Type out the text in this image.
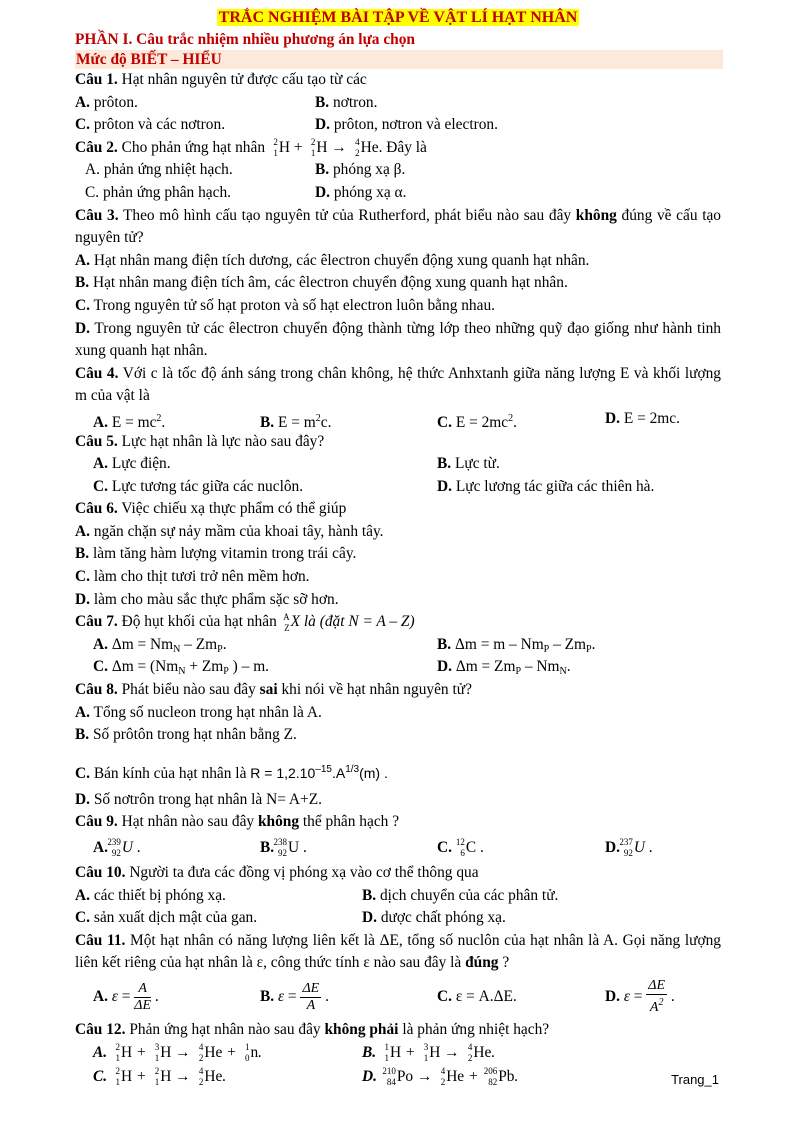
TRẮC NGHIỆM BÀI TẬP VỀ VẬT LÍ HẠT NHÂN
PHẦN I. Câu trắc nhiệm nhiều phương án lựa chọn
Mức độ BIẾT – HIỂU
Câu 1. Hạt nhân nguyên tử được cấu tạo từ các
A. prôton.	B. nơtron.
C. prôton và các nơtron.	D. prôton, nơtron và electron.
Câu 2. Cho phản ứng hạt nhân 2
1 H + 2
1 H → 4
2 He. Đây là
A. phản ứng nhiệt hạch.	B. phóng xạ β.
C. phản ứng phân hạch.	D. phóng xạ α.
Câu 3. Theo mô hình cấu tạo nguyên tử của Rutherford, phát biểu nào sau đây không đúng về cấu tạo nguyên tử?
A. Hạt nhân mang điện tích dương, các êlectron chuyển động xung quanh hạt nhân.
B. Hạt nhân mang điện tích âm, các êlectron chuyển động xung quanh hạt nhân.
C. Trong nguyên tử số hạt proton và số hạt electron luôn bằng nhau.
D. Trong nguyên tử các êlectron chuyển động thành từng lớp theo những quỹ đạo giống như hành tinh xung quanh hạt nhân.
Câu 4. Với c là tốc độ ánh sáng trong chân không, hệ thức Anhxtanh giữa năng lượng E và khối lượng m của vật là
A. $E = mc^2$.	B. $E = m^2c$.	C. $E = 2mc^2$.	D. E = 2mc.
Câu 5. Lực hạt nhân là lực nào sau đây?
A. Lực điện.	B. Lực từ.
C. Lực tương tác giữa các nuclôn.	D. Lực lương tác giữa các thiên hà.
Câu 6. Việc chiếu xạ thực phẩm có thể giúp
A. ngăn chặn sự nảy mầm của khoai tây, hành tây.
B. làm tăng hàm lượng vitamin trong trái cây.
C. làm cho thịt tươi trở nên mềm hơn.
D. làm cho màu sắc thực phẩm sặc sỡ hơn.
Câu 7. Độ hụt khối của hạt nhân A
Z X là (đặt N = A – Z)
A. $\Delta m = Nm_N - Zm_P$.	B. $\Delta m = m - Nm_P - Zm_P$.
C. $\Delta m = (Nm_N + Zm_P$ ) – m.	D. $\Delta m = Zm_P - Nm_N$.
Câu 8. Phát biểu nào sau đây sai khi nói về hạt nhân nguyên tử?
A. Tổng số nucleon trong hạt nhân là A.
B. Số prôtôn trong hạt nhân bằng Z.
C. Bán kính của hạt nhân là $R = 1,2.10^{-15}.A^{1/3}(m)$ .
D. Số nơtrôn trong hạt nhân là N= A+Z.
Câu 9. Hạt nhân nào sau đây không thể phân hạch ?
A. 239
92 U .	B. 238
92 U .	C. 12
6 C .	D. 237
92 U .
Câu 10. Người ta đưa các đồng vị phóng xạ vào cơ thể thông qua
A. các thiết bị phóng xạ.	B. dịch chuyển của các phân tử.
C. sản xuất dịch mật của gan.	D. dược chất phóng xạ.
Câu 11. Một hạt nhân có năng lượng liên kết là ΔE, tổng số nuclôn của hạt nhân là A. Gọi năng lượng liên kết riêng của hạt nhân là ε, công thức tính ε nào sau đây là đúng ?
A. $\varepsilon = \frac{A}{\Delta E}$ .	B. $\varepsilon = \frac{\Delta E}{A}$ .	C. ε = A.ΔE.	D. $\varepsilon = \frac{\Delta E}{A^2}$ .
Câu 12. Phản ứng hạt nhân nào sau đây không phải là phản ứng nhiệt hạch?
A. 2
1 H + 3
1 H → 4
2 He + 1
0 n.	B. 1
1 H + 3
1 H → 4
2 He.
C. 2
1 H + 2
1 H → 4
2 He.	D. 210
84 Po → 4
2 He + 206
82 Pb.	Trang_1
